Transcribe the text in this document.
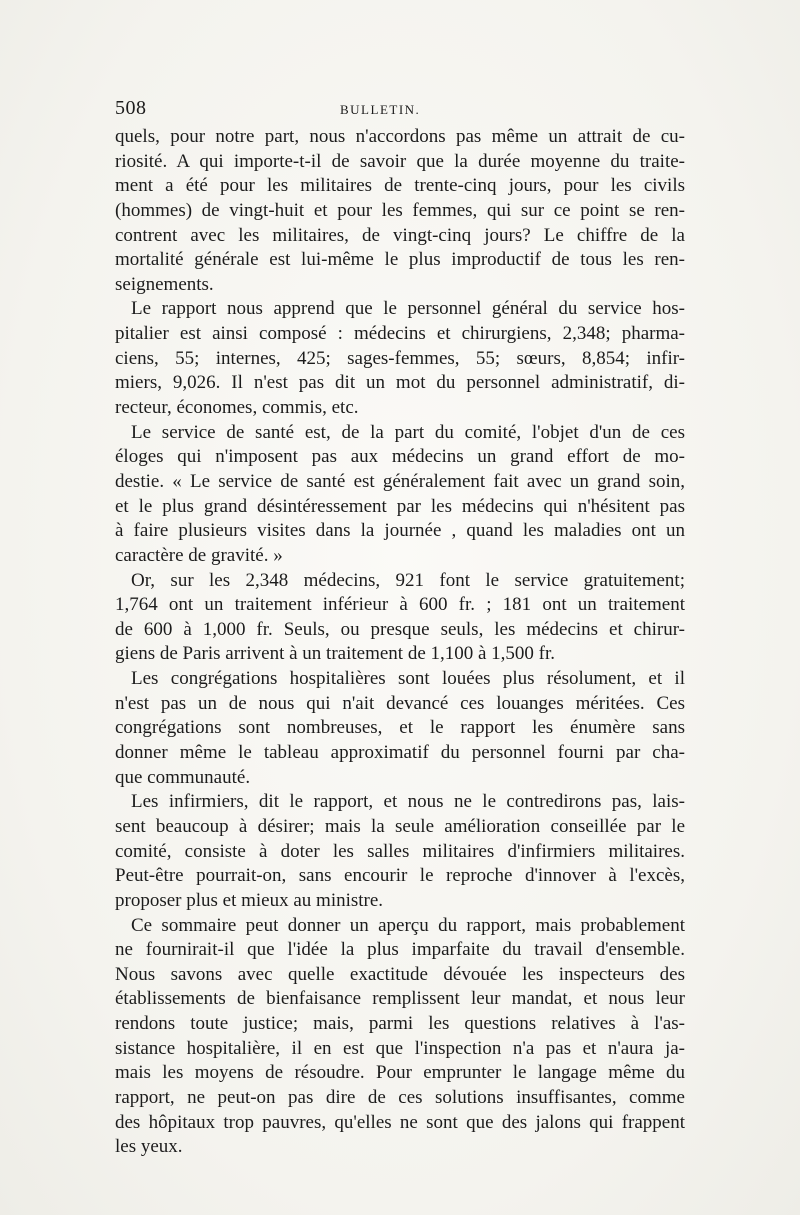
508	BULLETIN.
quels, pour notre part, nous n'accordons pas même un attrait de cu-
riosité. A qui importe-t-il de savoir que la durée moyenne du traite-
ment a été pour les militaires de trente-cinq jours, pour les civils
(hommes) de vingt-huit et pour les femmes, qui sur ce point se ren-
contrent avec les militaires, de vingt-cinq jours? Le chiffre de la
mortalité générale est lui-même le plus improductif de tous les ren-
seignements.
Le rapport nous apprend que le personnel général du service hos-
pitalier est ainsi composé : médecins et chirurgiens, 2,348; pharma-
ciens, 55; internes, 425; sages-femmes, 55; sœurs, 8,854; infir-
miers, 9,026. Il n'est pas dit un mot du personnel administratif, di-
recteur, économes, commis, etc.
Le service de santé est, de la part du comité, l'objet d'un de ces
éloges qui n'imposent pas aux médecins un grand effort de mo-
destie. « Le service de santé est généralement fait avec un grand soin,
et le plus grand désintéressement par les médecins qui n'hésitent pas
à faire plusieurs visites dans la journée , quand les maladies ont un
caractère de gravité. »
Or, sur les 2,348 médecins, 921 font le service gratuitement;
1,764 ont un traitement inférieur à 600 fr. ; 181 ont un traitement
de 600 à 1,000 fr. Seuls, ou presque seuls, les médecins et chirur-
giens de Paris arrivent à un traitement de 1,100 à 1,500 fr.
Les congrégations hospitalières sont louées plus résolument, et il
n'est pas un de nous qui n'ait devancé ces louanges méritées. Ces
congrégations sont nombreuses, et le rapport les énumère sans
donner même le tableau approximatif du personnel fourni par cha-
que communauté.
Les infirmiers, dit le rapport, et nous ne le contredirons pas, lais-
sent beaucoup à désirer; mais la seule amélioration conseillée par le
comité, consiste à doter les salles militaires d'infirmiers militaires.
Peut-être pourrait-on, sans encourir le reproche d'innover à l'excès,
proposer plus et mieux au ministre.
Ce sommaire peut donner un aperçu du rapport, mais probablement
ne fournirait-il que l'idée la plus imparfaite du travail d'ensemble.
Nous savons avec quelle exactitude dévouée les inspecteurs des
établissements de bienfaisance remplissent leur mandat, et nous leur
rendons toute justice; mais, parmi les questions relatives à l'as-
sistance hospitalière, il en est que l'inspection n'a pas et n'aura ja-
mais les moyens de résoudre. Pour emprunter le langage même du
rapport, ne peut-on pas dire de ces solutions insuffisantes, comme
des hôpitaux trop pauvres, qu'elles ne sont que des jalons qui frappent
les yeux.
